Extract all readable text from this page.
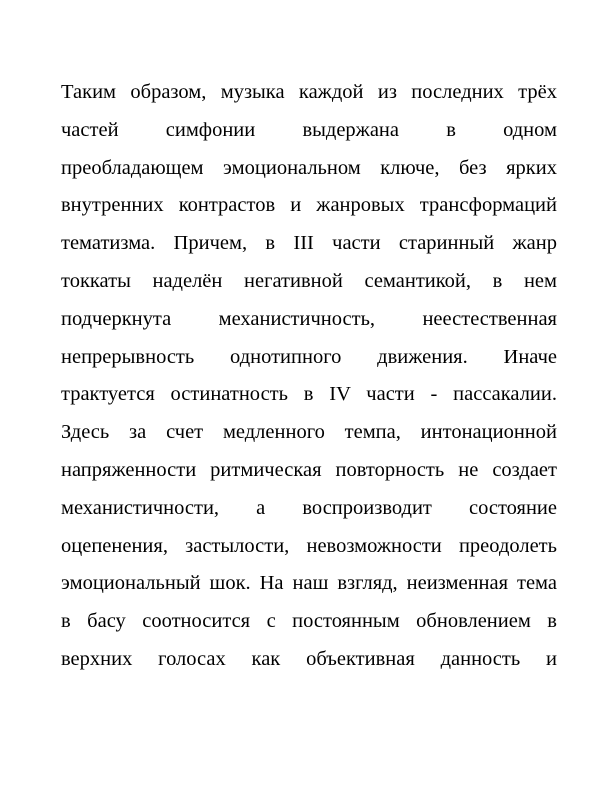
Таким образом, музыка каждой из последних трёх
частей симфонии выдержана в одном
преобладающем эмоциональном ключе, без ярких
внутренних контрастов и жанровых трансформаций
тематизма. Причем, в III части старинный жанр
токкаты наделён негативной семантикой, в нем
подчеркнута механистичность, неестественная
непрерывность однотипного движения. Иначе
трактуется остинатность в IV части - пассакалии.
Здесь за счет медленного темпа, интонационной
напряженности ритмическая повторность не создает
механистичности, а воспроизводит состояние
оцепенения, застылости, невозможности преодолеть
эмоциональный шок. На наш взгляд, неизменная тема
в басу соотносится с постоянным обновлением в
верхних голосах как объективная данность и
